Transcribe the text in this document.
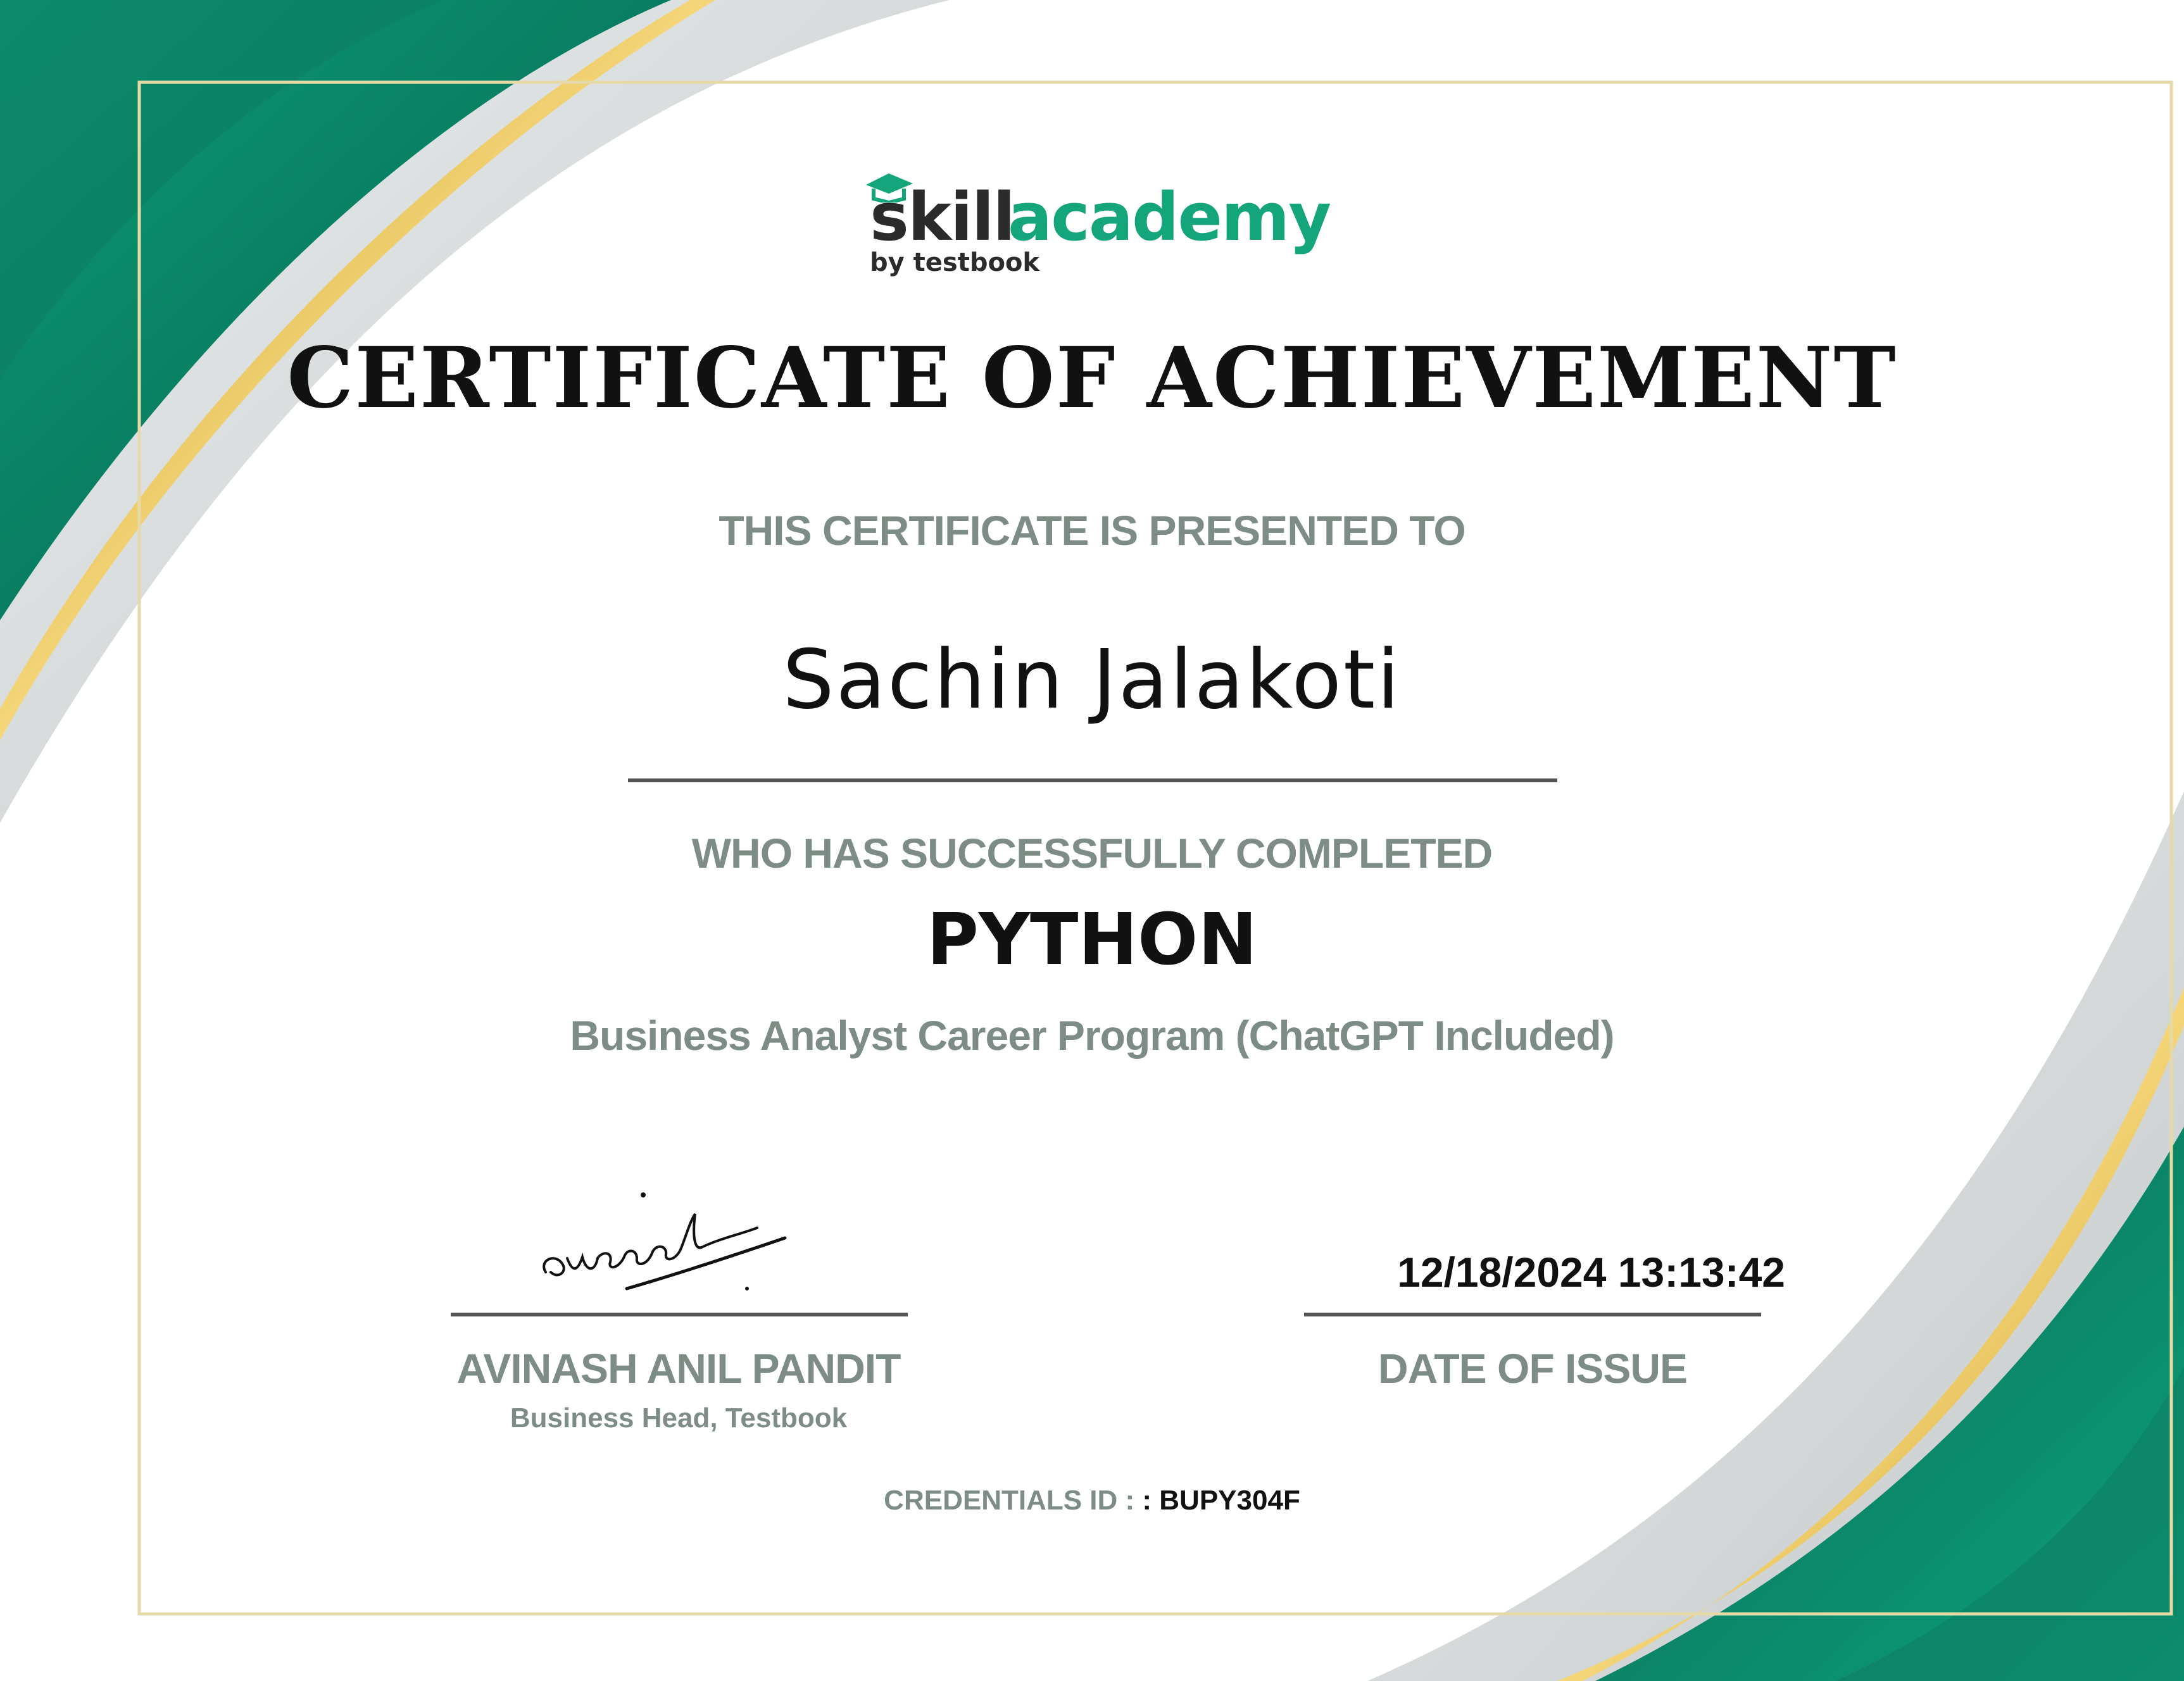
skill
academy
by testbook
CERTIFICATE OF ACHIEVEMENT
THIS CERTIFICATE IS PRESENTED TO
Sachin Jalakoti
WHO HAS SUCCESSFULLY COMPLETED
PYTHON
Business Analyst Career Program (ChatGPT Included)
AVINASH ANIL PANDIT
Business Head, Testbook
12/18/2024 13:13:42
DATE OF ISSUE
CREDENTIALS ID : : BUPY304F
